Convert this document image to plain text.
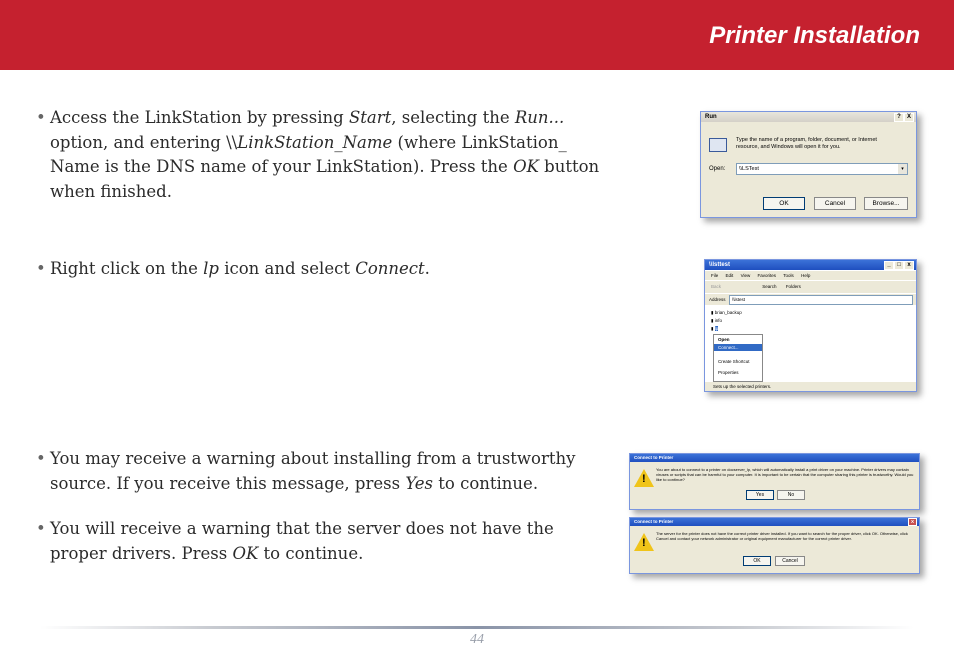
Printer Installation
• Access the LinkStation by pressing Start, selecting the Run... option, and entering \\LinkStation_Name (where LinkStation_ Name is the DNS name of your LinkStation). Press the OK button when finished.
• Right click on the lp icon and select Connect.
• You may receive a warning about installing from a trustworthy source. If you receive this message, press Yes to continue.
• You will receive a warning that the server does not have the proper drivers. Press OK to continue.
Run	?	X
Type the name of a program, folder, document, or Internet resource, and Windows will open it for you.
Open: \\LSTest	▾
OK	Cancel	Browse...
\\lsttest	_	□	x
File Edit View Favorites Tools Help
Back	Search Folders
Address	\\lstest
▮ brian_backup
▮ info
▮ lp
Open
Connect...
Create Shortcut
Properties
Sets up the selected printers.
Connect to Printer
!
You are about to connect to a printer on docserver_lp, which will automatically install a print driver on your machine. Printer drivers may contain viruses or scripts that can be harmful to your computer. It is important to be certain that the computer sharing this printer is trustworthy. Would you like to continue?
Yes	No
Connect to Printer	X
!
The server for the printer does not have the correct printer driver installed. If you want to search for the proper driver, click OK. Otherwise, click Cancel and contact your network administrator or original equipment manufacturer for the correct printer driver.
OK	Cancel
44
